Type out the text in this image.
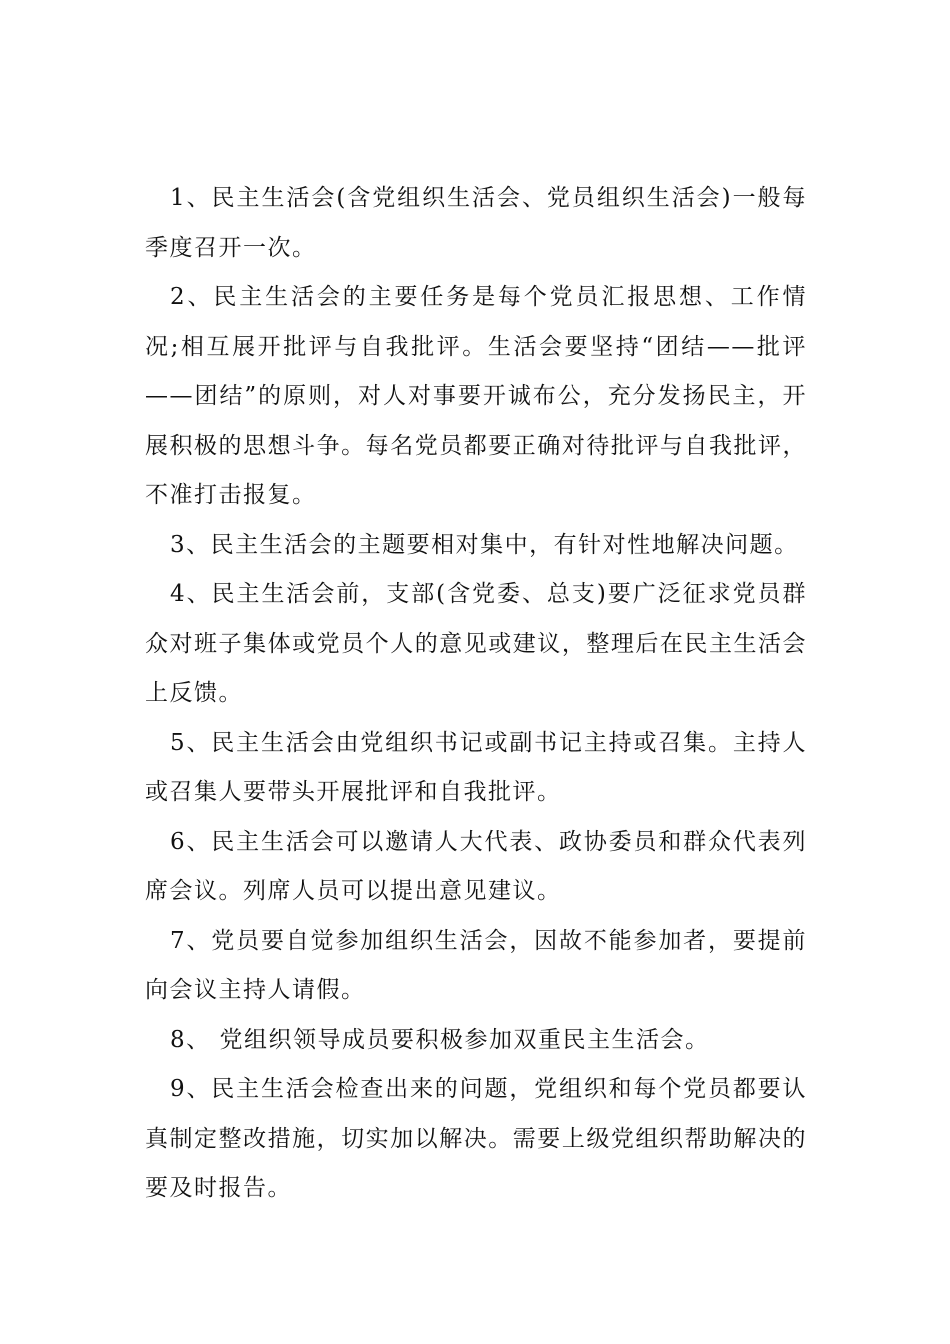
1、民主生活会(含党组织生活会、党员组织生活会)一般每季度召开一次。

2、民主生活会的主要任务是每个党员汇报思想、工作情况;相互展开批评与自我批评。生活会要坚持“团结——批评——团结”的原则，对人对事要开诚布公，充分发扬民主，开展积极的思想斗争。每名党员都要正确对待批评与自我批评，不准打击报复。

3、民主生活会的主题要相对集中，有针对性地解决问题。

4、民主生活会前，支部(含党委、总支)要广泛征求党员群众对班子集体或党员个人的意见或建议，整理后在民主生活会上反馈。

5、民主生活会由党组织书记或副书记主持或召集。主持人或召集人要带头开展批评和自我批评。

6、民主生活会可以邀请人大代表、政协委员和群众代表列席会议。列席人员可以提出意见建议。

7、党员要自觉参加组织生活会，因故不能参加者，要提前向会议主持人请假。

8、 党组织领导成员要积极参加双重民主生活会。

9、民主生活会检查出来的问题，党组织和每个党员都要认真制定整改措施，切实加以解决。需要上级党组织帮助解决的要及时报告。
